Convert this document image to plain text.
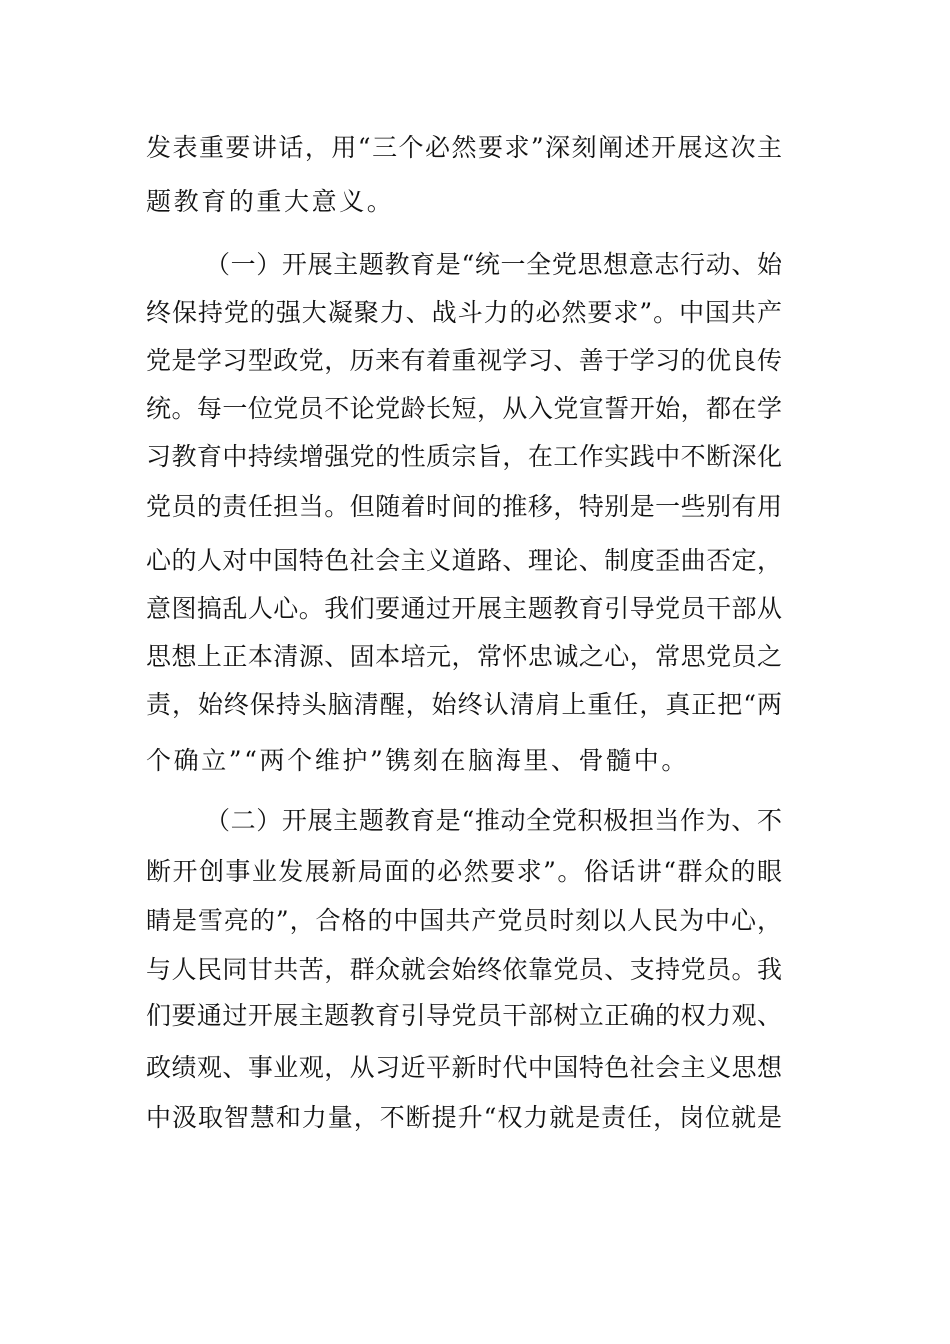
发表重要讲话，用“三个必然要求”深刻阐述开展这次主
题教育的重大意义。
（一）开展主题教育是“统一全党思想意志行动、始
终保持党的强大凝聚力、战斗力的必然要求”。中国共产
党是学习型政党，历来有着重视学习、善于学习的优良传
统。每一位党员不论党龄长短，从入党宣誓开始，都在学
习教育中持续增强党的性质宗旨，在工作实践中不断深化
党员的责任担当。但随着时间的推移，特别是一些别有用
心的人对中国特色社会主义道路、理论、制度歪曲否定，
意图搞乱人心。我们要通过开展主题教育引导党员干部从
思想上正本清源、固本培元，常怀忠诚之心，常思党员之
责，始终保持头脑清醒，始终认清肩上重任，真正把“两
个确立”“两个维护”镌刻在脑海里、骨髓中。
（二）开展主题教育是“推动全党积极担当作为、不
断开创事业发展新局面的必然要求”。俗话讲“群众的眼
睛是雪亮的”，合格的中国共产党员时刻以人民为中心，
与人民同甘共苦，群众就会始终依靠党员、支持党员。我
们要通过开展主题教育引导党员干部树立正确的权力观、
政绩观、事业观，从习近平新时代中国特色社会主义思想
中汲取智慧和力量，不断提升“权力就是责任，岗位就是
